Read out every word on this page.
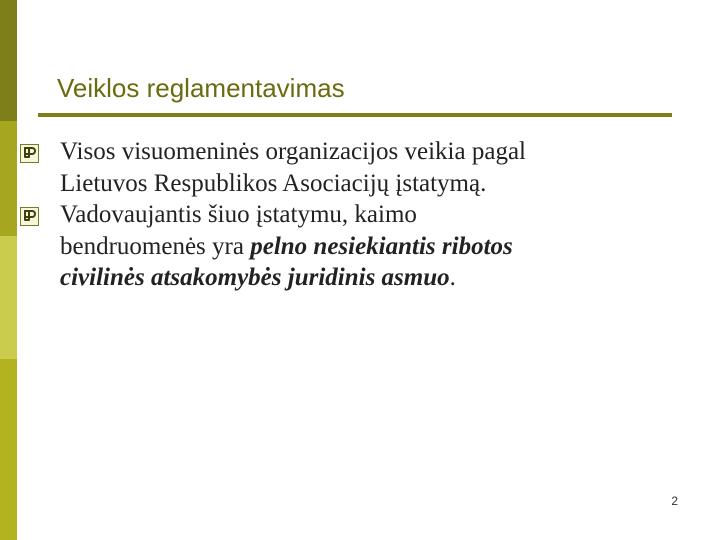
Veiklos reglamentavimas
Visos visuomeninės organizacijos veikia pagal
Lietuvos Respublikos Asociacijų įstatymą.
Vadovaujantis šiuo įstatymu, kaimo
bendruomenės yra pelno nesiekiantis ribotos
civilinės atsakomybės juridinis asmuo.
2
